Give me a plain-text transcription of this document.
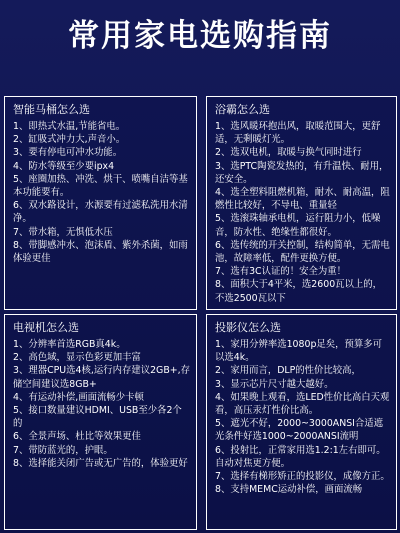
常用家电选购指南
智能马桶怎么选
1、即热式水温,节能省电。
2、缸吸式冲力大,声音小。
3、要有停电可冲水功能。
4、防水等级至少要ipx4
5、座圈加热、冲洗、烘干、喷嘴自洁等基本功能要有。
6、双水路设计，水源要有过滤私洗用水清净。
7、带水箱，无惧低水压
8、带脚感冲水、泡沫盾、紫外杀菌，如雨体验更佳
浴霸怎么选
1、选风暖环抱出风，取暖范围大，更舒适，无剩暖灯光。
2、选双电机，取暖与换气同时进行
3、选PTC陶瓷发热的，有升温快、耐用，还安全。
4、选全塑料阻燃机箱，耐水、耐高温，阻燃性比较好，不导电、重量轻
5、选滚珠轴承电机，运行阻力小，低噪音，防水性、绝缘性都很好。
6、选传统的开关控制，结构简单，无需电池，故障率低，配件更换方便。
7、选有3C认证的！安全为重！
8、面积大于4平米，选2600瓦以上的，不选2500瓦以下
电视机怎么选
1、分辨率首选RGB真4k。
2、高色域，显示色彩更加丰富
3、理器CPU选4核,运行内存建议2GB+,存储空间建议选8GB+
4、有运动补偿,画面流畅少卡顿
5、接口数量建议HDMI、USB至少各2个的
6、全景声场、杜比等效果更佳
7、带防蓝光的，护眼。
8、选择能关闭广告或无广告的，体验更好
投影仪怎么选
1、家用分辨率选1080p足矣，预算多可以选4k。
2、家用而言，DLP的性价比较高，
3、显示芯片尺寸越大越好。
4、如果晚上观看，选LED性价比高白天观看，高压汞灯性价比高。
5、遮光不好，2000~3000ANSI合适遮光条件好选1000~2000ANSI流明
6、投射比，正常家用选1.2:1左右即可。自动对焦更方便。
7、选择有梯形矫正的投影仪，成像方正。
8、支持MEMC运动补偿，画面流畅
